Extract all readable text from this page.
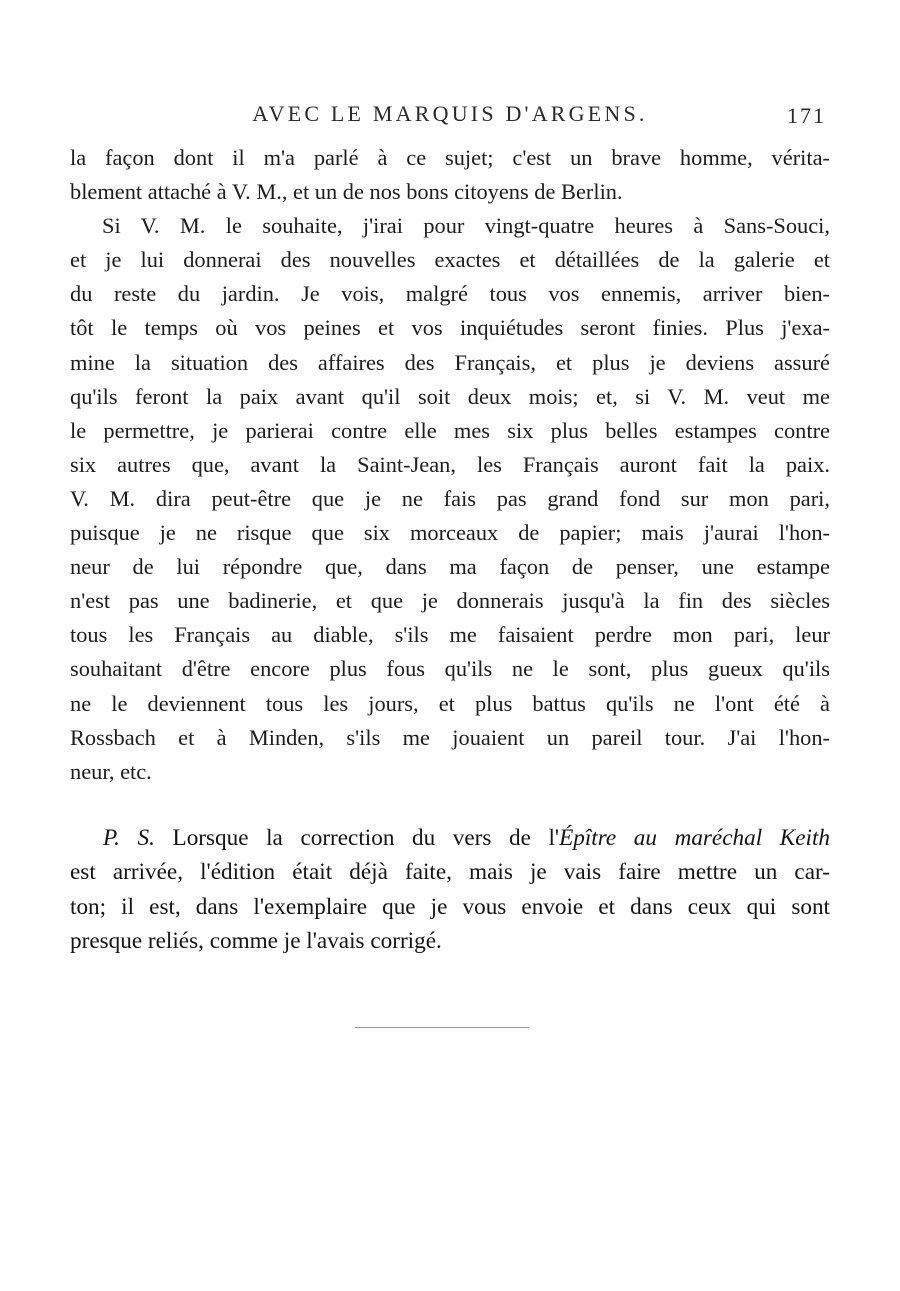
AVEC LE MARQUIS D'ARGENS.	171
la façon dont il m'a parlé à ce sujet; c'est un brave homme, vérita-
blement attaché à V. M., et un de nos bons citoyens de Berlin.
Si V. M. le souhaite, j'irai pour vingt-quatre heures à Sans-Souci,
et je lui donnerai des nouvelles exactes et détaillées de la galerie et
du reste du jardin. Je vois, malgré tous vos ennemis, arriver bien-
tôt le temps où vos peines et vos inquiétudes seront finies. Plus j'exa-
mine la situation des affaires des Français, et plus je deviens assuré
qu'ils feront la paix avant qu'il soit deux mois; et, si V. M. veut me
le permettre, je parierai contre elle mes six plus belles estampes contre
six autres que, avant la Saint-Jean, les Français auront fait la paix.
V. M. dira peut-être que je ne fais pas grand fond sur mon pari,
puisque je ne risque que six morceaux de papier; mais j'aurai l'hon-
neur de lui répondre que, dans ma façon de penser, une estampe
n'est pas une badinerie, et que je donnerais jusqu'à la fin des siècles
tous les Français au diable, s'ils me faisaient perdre mon pari, leur
souhaitant d'être encore plus fous qu'ils ne le sont, plus gueux qu'ils
ne le deviennent tous les jours, et plus battus qu'ils ne l'ont été à
Rossbach et à Minden, s'ils me jouaient un pareil tour. J'ai l'hon-
neur, etc.
P. S. Lorsque la correction du vers de l'Épître au maréchal Keith
est arrivée, l'édition était déjà faite, mais je vais faire mettre un car-
ton; il est, dans l'exemplaire que je vous envoie et dans ceux qui sont
presque reliés, comme je l'avais corrigé.
